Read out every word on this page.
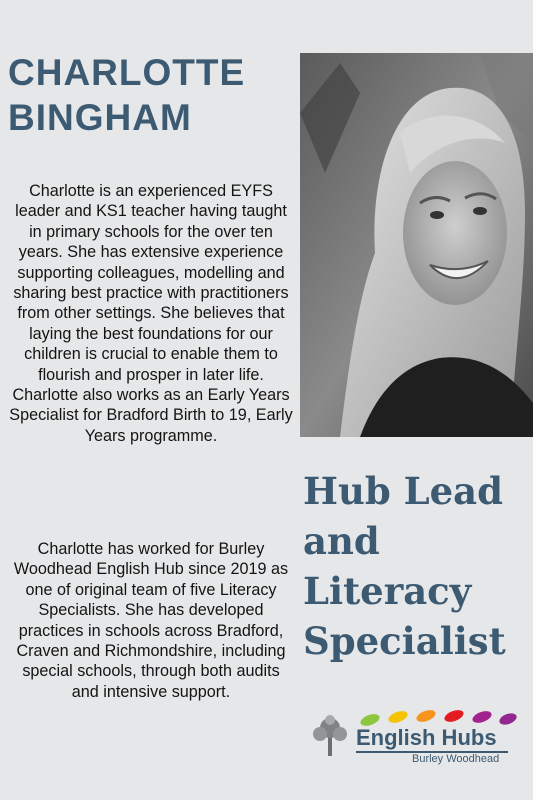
CHARLOTTE
BINGHAM

Charlotte is an experienced EYFS leader and KS1 teacher having taught in primary schools for the over ten years. She has extensive experience supporting colleagues, modelling and sharing best practice with practitioners from other settings. She believes that laying the best foundations for our children is crucial to enable them to flourish and prosper in later life. Charlotte also works as an Early Years Specialist for Bradford Birth to 19, Early Years programme.

Charlotte has worked for Burley Woodhead English Hub since 2019 as one of original team of five Literacy Specialists. She has developed practices in schools across Bradford, Craven and Richmondshire, including special schools, through both audits and intensive support.

Hub Lead
and
Literacy
Specialist
English Hubs
Burley Woodhead
